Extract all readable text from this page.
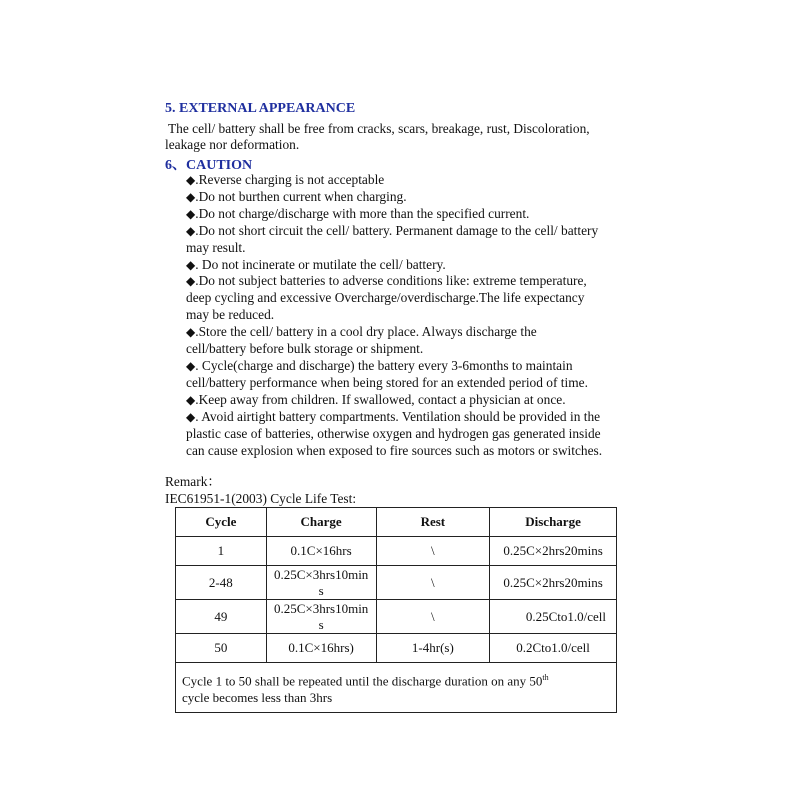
5. EXTERNAL APPEARANCE
The cell/ battery shall be free from cracks, scars, breakage, rust, Discoloration,
leakage nor deformation.
6、CAUTION
◆.Reverse charging is not acceptable
◆.Do not burthen current when charging.
◆.Do not charge/discharge with more than the specified current.
◆.Do not short circuit the cell/ battery. Permanent damage to the cell/ battery
may result.
◆. Do not incinerate or mutilate the cell/ battery.
◆.Do not subject batteries to adverse conditions like: extreme temperature,
deep cycling and excessive Overcharge/overdischarge.The life expectancy
may be reduced.
◆.Store the cell/ battery in a cool dry place. Always discharge the
cell/battery before bulk storage or shipment.
◆. Cycle(charge and discharge) the battery every 3-6months to maintain
cell/battery performance when being stored for an extended period of time.
◆.Keep away from children. If swallowed, contact a physician at once.
◆. Avoid airtight battery compartments. Ventilation should be provided in the
plastic case of batteries, otherwise oxygen and hydrogen gas generated inside
can cause explosion when exposed to fire sources such as motors or switches.
Remark：
IEC61951-1(2003) Cycle Life Test:
Cycle	Charge	Rest	Discharge
1	0.1C×16hrs	\	0.25C×2hrs20mins
2-48	0.25C×3hrs10min
s	\	0.25C×2hrs20mins
49	0.25C×3hrs10min
s	\	0.25Cto1.0/cell
50	0.1C×16hrs)	1-4hr(s)	0.2Cto1.0/cell
Cycle 1 to 50 shall be repeated until the discharge duration on any 50th
cycle becomes less than 3hrs			
